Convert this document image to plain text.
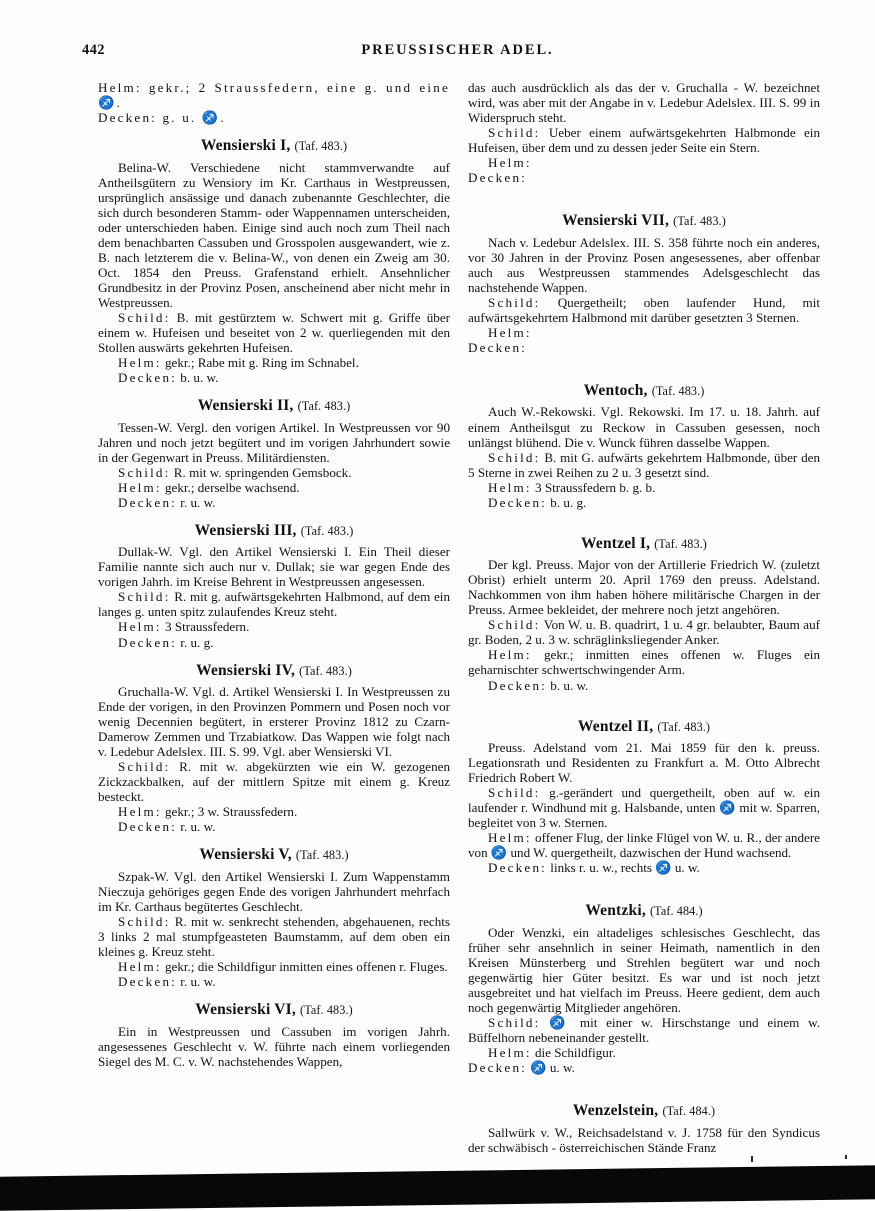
442	PREUSSISCHER ADEL.

Helm: gekr.; 2 Straussfedern, eine g. und eine ♐.

Decken: g. u. ♐.

Wensierski I, (Taf. 483.)

Belina-W. Verschiedene nicht stammverwandte auf Antheilsgütern zu Wensiory im Kr. Carthaus in Westpreussen, ursprünglich ansässige und danach zubenannte Geschlechter, die sich durch besonderen Stamm- oder Wappennamen unterscheiden, oder unterschieden haben. Einige sind auch noch zum Theil nach dem benachbarten Cassuben und Grosspolen ausgewandert, wie z. B. nach letzterem die v. Belina-W., von denen ein Zweig am 30. Oct. 1854 den Preuss. Grafenstand erhielt. Ansehnlicher Grundbesitz in der Provinz Posen, anscheinend aber nicht mehr in Westpreussen.

Schild: B. mit gestürztem w. Schwert mit g. Griffe über einem w. Hufeisen und beseitet von 2 w. querliegenden mit den Stollen auswärts gekehrten Hufeisen.

Helm: gekr.; Rabe mit g. Ring im Schnabel.

Decken: b. u. w.

Wensierski II, (Taf. 483.)

Tessen-W. Vergl. den vorigen Artikel. In Westpreussen vor 90 Jahren und noch jetzt begütert und im vorigen Jahrhundert sowie in der Gegenwart in Preuss. Militärdiensten.

Schild: R. mit w. springenden Gemsbock.

Helm: gekr.; derselbe wachsend.

Decken: r. u. w.

Wensierski III, (Taf. 483.)

Dullak-W. Vgl. den Artikel Wensierski I. Ein Theil dieser Familie nannte sich auch nur v. Dullak; sie war gegen Ende des vorigen Jahrh. im Kreise Behrent in Westpreussen angesessen.

Schild: R. mit g. aufwärtsgekehrten Halbmond, auf dem ein langes g. unten spitz zulaufendes Kreuz steht.

Helm: 3 Straussfedern.

Decken: r. u. g.

Wensierski IV, (Taf. 483.)

Gruchalla-W. Vgl. d. Artikel Wensierski I. In Westpreussen zu Ende der vorigen, in den Provinzen Pommern und Posen noch vor wenig Decennien begütert, in ersterer Provinz 1812 zu Czarn-Damerow Zemmen und Trzabiatkow. Das Wappen wie folgt nach v. Ledebur Adelslex. III. S. 99. Vgl. aber Wensierski VI.

Schild: R. mit w. abgekürzten wie ein W. gezogenen Zickzackbalken, auf der mittlern Spitze mit einem g. Kreuz besteckt.

Helm: gekr.; 3 w. Straussfedern.

Decken: r. u. w.

Wensierski V, (Taf. 483.)

Szpak-W. Vgl. den Artikel Wensierski I. Zum Wappenstamm Nieczuja gehöriges gegen Ende des vorigen Jahrhundert mehrfach im Kr. Carthaus begütertes Geschlecht.

Schild: R. mit w. senkrecht stehenden, abgehauenen, rechts 3 links 2 mal stumpfgeasteten Baumstamm, auf dem oben ein kleines g. Kreuz steht.

Helm: gekr.; die Schildfigur inmitten eines offenen r. Fluges.

Decken: r. u. w.

Wensierski VI, (Taf. 483.)

Ein in Westpreussen und Cassuben im vorigen Jahrh. angesessenes Geschlecht v. W. führte nach einem vorliegenden Siegel des M. C. v. W. nachstehendes Wappen,

das auch ausdrücklich als das der v. Gruchalla - W. bezeichnet wird, was aber mit der Angabe in v. Ledebur Adelslex. III. S. 99 in Widerspruch steht.

Schild: Ueber einem aufwärtsgekehrten Halbmonde ein Hufeisen, über dem und zu dessen jeder Seite ein Stern.

Helm:

Decken:

Wensierski VII, (Taf. 483.)

Nach v. Ledebur Adelslex. III. S. 358 führte noch ein anderes, vor 30 Jahren in der Provinz Posen angesessenes, aber offenbar auch aus Westpreussen stammendes Adelsgeschlecht das nachstehende Wappen.

Schild: Quergetheilt; oben laufender Hund, mit aufwärtsgekehrtem Halbmond mit darüber gesetzten 3 Sternen.

Helm:

Decken:

Wentoch, (Taf. 483.)

Auch W.-Rekowski. Vgl. Rekowski. Im 17. u. 18. Jahrh. auf einem Antheilsgut zu Reckow in Cassuben gesessen, noch unlängst blühend. Die v. Wunck führen dasselbe Wappen.

Schild: B. mit G. aufwärts gekehrtem Halbmonde, über den 5 Sterne in zwei Reihen zu 2 u. 3 gesetzt sind.

Helm: 3 Straussfedern b. g. b.

Decken: b. u. g.

Wentzel I, (Taf. 483.)

Der kgl. Preuss. Major von der Artillerie Friedrich W. (zuletzt Obrist) erhielt unterm 20. April 1769 den preuss. Adelstand. Nachkommen von ihm haben höhere militärische Chargen in der Preuss. Armee bekleidet, der mehrere noch jetzt angehören.

Schild: Von W. u. B. quadrirt, 1 u. 4 gr. belaubter, Baum auf gr. Boden, 2 u. 3 w. schräglinksliegender Anker.

Helm: gekr.; inmitten eines offenen w. Fluges ein geharnischter schwertschwingender Arm.

Decken: b. u. w.

Wentzel II, (Taf. 483.)

Preuss. Adelstand vom 21. Mai 1859 für den k. preuss. Legationsrath und Residenten zu Frankfurt a. M. Otto Albrecht Friedrich Robert W.

Schild: g.-gerändert und quergetheilt, oben auf w. ein laufender r. Windhund mit g. Halsbande, unten ♐ mit w. Sparren, begleitet von 3 w. Sternen.

Helm: offener Flug, der linke Flügel von W. u. R., der andere von ♐ und W. quergetheilt, dazwischen der Hund wachsend.

Decken: links r. u. w., rechts ♐ u. w.

Wentzki, (Taf. 484.)

Oder Wenzki, ein altadeliges schlesisches Geschlecht, das früher sehr ansehnlich in seiner Heimath, namentlich in den Kreisen Münsterberg und Strehlen begütert war und noch gegenwärtig hier Güter besitzt. Es war und ist noch jetzt ausgebreitet und hat vielfach im Preuss. Heere gedient, dem auch noch gegenwärtig Mitglieder angehören.

Schild: ♐ mit einer w. Hirschstange und einem w. Büffelhorn nebeneinander gestellt.

Helm: die Schildfigur.

Decken: ♐ u. w.

Wenzelstein, (Taf. 484.)

Sallwürk v. W., Reichsadelstand v. J. 1758 für den Syndicus der schwäbisch - österreichischen Stände Franz
